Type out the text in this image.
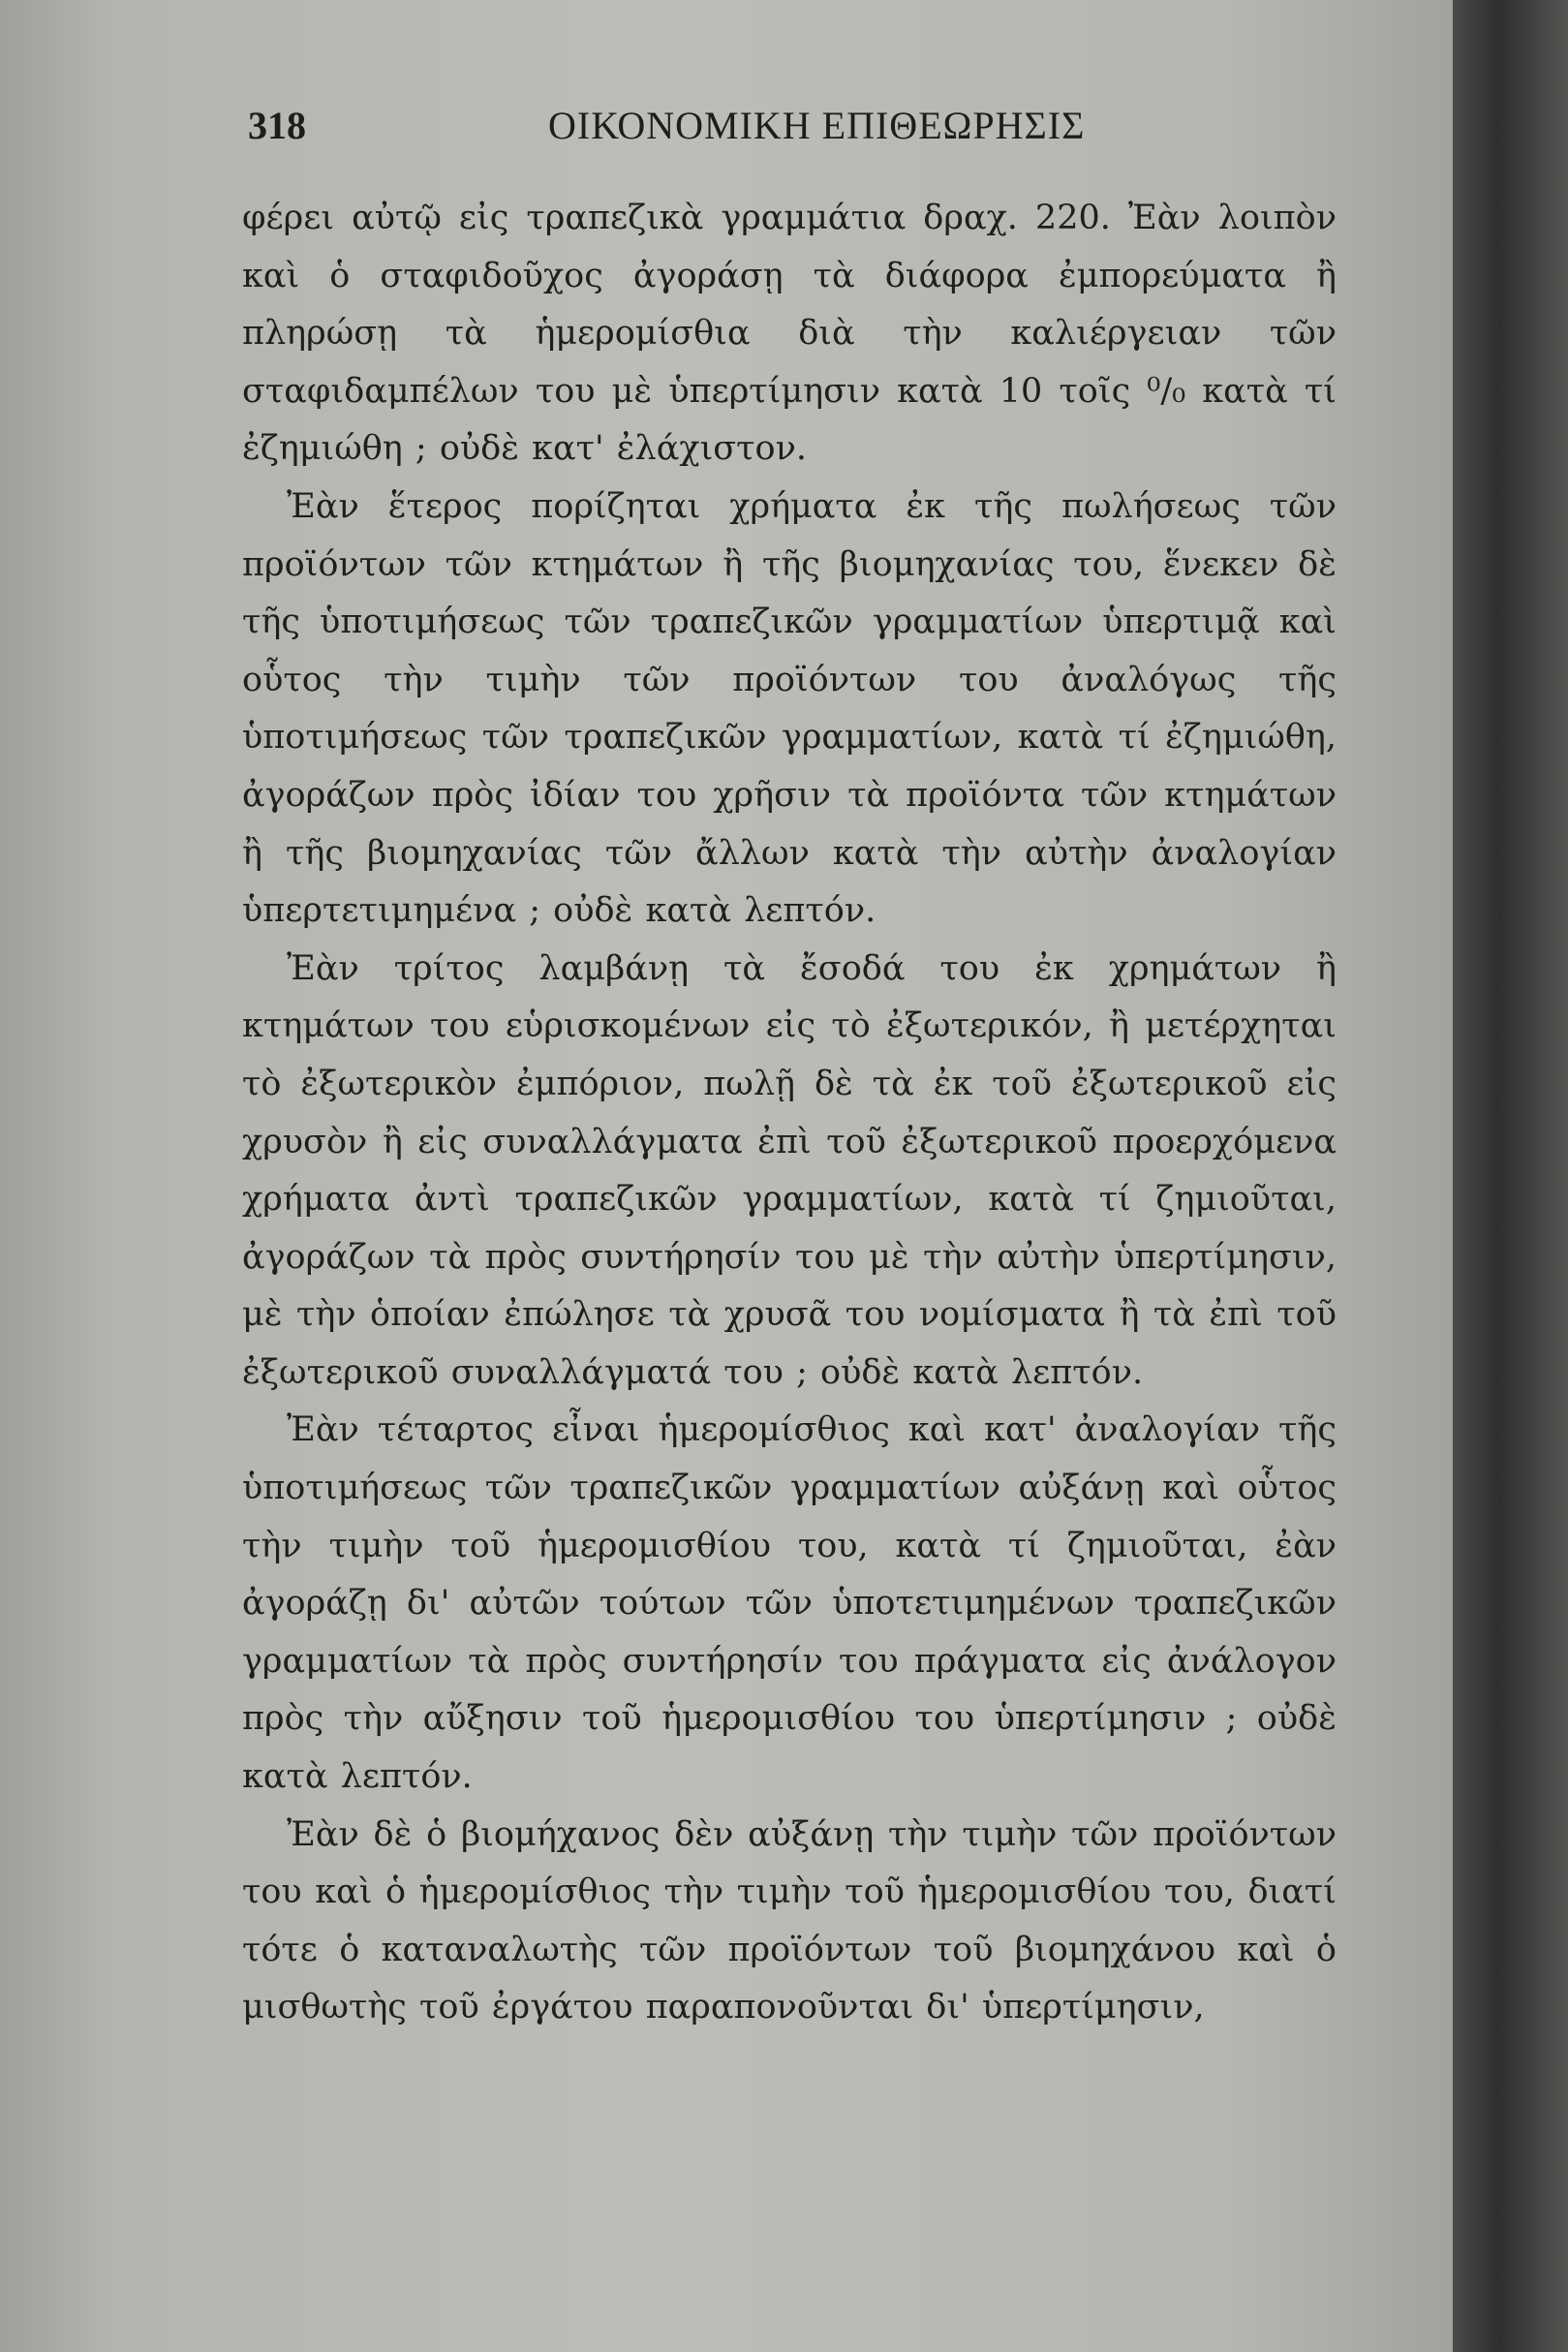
318	ΟΙΚΟΝΟΜΙΚΗ ΕΠΙΘΕΩΡΗΣΙΣ

φέρει αὐτῷ εἰς τραπεζικὰ γραμμάτια δραχ. 220. Ἐὰν λοιπὸν καὶ ὁ σταφιδοῦχος ἀγοράσῃ τὰ διάφορα ἐμπορεύματα ἢ πληρώσῃ τὰ ἡμερομίσθια διὰ τὴν καλιέργειαν τῶν σταφιδαμπέλων του μὲ ὑπερτίμησιν κατὰ 10 τοῖς ⁰/₀ κατὰ τί ἐζημιώθη ; οὐδὲ κατ' ἐλάχιστον.

Ἐὰν ἕτερος πορίζηται χρήματα ἐκ τῆς πωλήσεως τῶν προϊόντων τῶν κτημάτων ἢ τῆς βιομηχανίας του, ἕνεκεν δὲ τῆς ὑποτιμήσεως τῶν τραπεζικῶν γραμματίων ὑπερτιμᾷ καὶ οὗτος τὴν τιμὴν τῶν προϊόντων του ἀναλόγως τῆς ὑποτιμήσεως τῶν τραπεζικῶν γραμματίων, κατὰ τί ἐζημιώθη, ἀγοράζων πρὸς ἰδίαν του χρῆσιν τὰ προϊόντα τῶν κτημάτων ἢ τῆς βιομηχανίας τῶν ἄλλων κατὰ τὴν αὐτὴν ἀναλογίαν ὑπερτετιμημένα ; οὐδὲ κατὰ λεπτόν.

Ἐὰν τρίτος λαμβάνῃ τὰ ἔσοδά του ἐκ χρημάτων ἢ κτημάτων του εὑρισκομένων εἰς τὸ ἐξωτερικόν, ἢ μετέρχηται τὸ ἐξωτερικὸν ἐμπόριον, πωλῇ δὲ τὰ ἐκ τοῦ ἐξωτερικοῦ εἰς χρυσὸν ἢ εἰς συναλλάγματα ἐπὶ τοῦ ἐξωτερικοῦ προερχόμενα χρήματα ἀντὶ τραπεζικῶν γραμματίων, κατὰ τί ζημιοῦται, ἀγοράζων τὰ πρὸς συντήρησίν του μὲ τὴν αὐτὴν ὑπερτίμησιν, μὲ τὴν ὁποίαν ἐπώλησε τὰ χρυσᾶ του νομίσματα ἢ τὰ ἐπὶ τοῦ ἐξωτερικοῦ συναλλάγματά του ; οὐδὲ κατὰ λεπτόν.

Ἐὰν τέταρτος εἶναι ἡμερομίσθιος καὶ κατ' ἀναλογίαν τῆς ὑποτιμήσεως τῶν τραπεζικῶν γραμματίων αὐξάνῃ καὶ οὗτος τὴν τιμὴν τοῦ ἡμερομισθίου του, κατὰ τί ζημιοῦται, ἐὰν ἀγοράζῃ δι' αὐτῶν τούτων τῶν ὑποτετιμημένων τραπεζικῶν γραμματίων τὰ πρὸς συντήρησίν του πράγματα εἰς ἀνάλογον πρὸς τὴν αὔξησιν τοῦ ἡμερομισθίου του ὑπερτίμησιν ; οὐδὲ κατὰ λεπτόν.

Ἐὰν δὲ ὁ βιομήχανος δὲν αὐξάνῃ τὴν τιμὴν τῶν προϊόντων του καὶ ὁ ἡμερομίσθιος τὴν τιμὴν τοῦ ἡμερομισθίου του, διατί τότε ὁ καταναλωτὴς τῶν προϊόντων τοῦ βιομηχάνου καὶ ὁ μισθωτὴς τοῦ ἐργάτου παραπονοῦνται δι' ὑπερτίμησιν,
